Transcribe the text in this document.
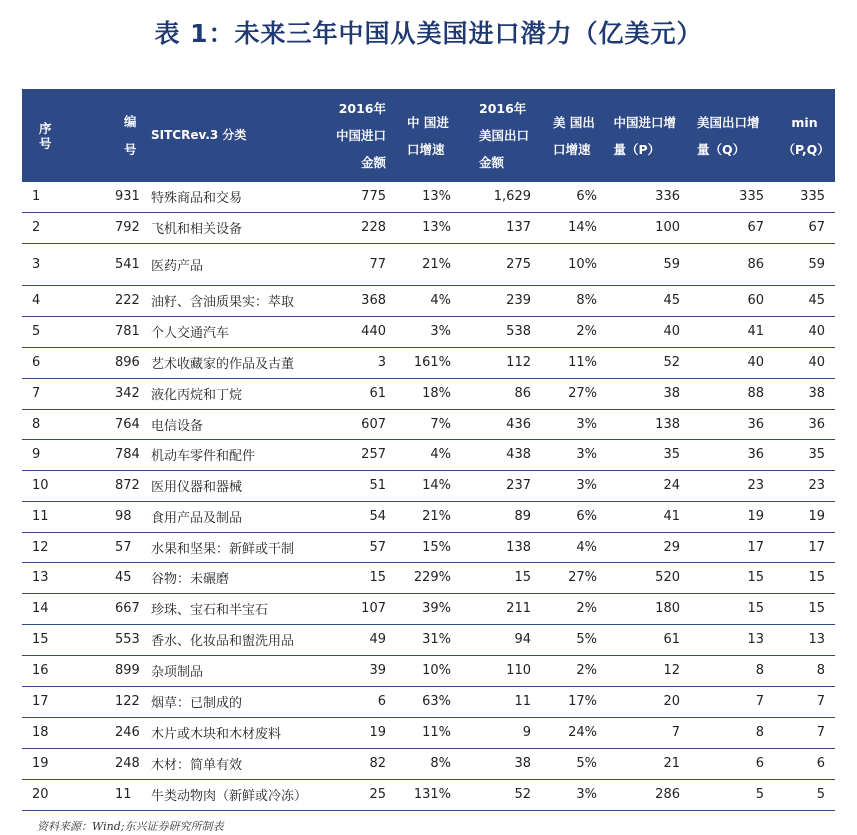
表 1：未来三年中国从美国进口潜力（亿美元）
序号	编号	SITCRev.3 分类	2016年中国进口金额	中 国进 口增速	2016年美国出口金额	美 国出 口增速	中国进口增量（P）	美国出口增量（Q）	min（P,Q）
1	931	特殊商品和交易	775	13%	1,629	6%	336	335	335
2	792	飞机和相关设备	228	13%	137	14%	100	67	67
3	541	医药产品	77	21%	275	10%	59	86	59
4	222	油籽、含油质果实：萃取	368	4%	239	8%	45	60	45
5	781	个人交通汽车	440	3%	538	2%	40	41	40
6	896	艺术收藏家的作品及古董	3	161%	112	11%	52	40	40
7	342	液化丙烷和丁烷	61	18%	86	27%	38	88	38
8	764	电信设备	607	7%	436	3%	138	36	36
9	784	机动车零件和配件	257	4%	438	3%	35	36	35
10	872	医用仪器和器械	51	14%	237	3%	24	23	23
11	98	食用产品及制品	54	21%	89	6%	41	19	19
12	57	水果和坚果：新鲜或干制	57	15%	138	4%	29	17	17
13	45	谷物：未碾磨	15	229%	15	27%	520	15	15
14	667	珍珠、宝石和半宝石	107	39%	211	2%	180	15	15
15	553	香水、化妆品和盥洗用品	49	31%	94	5%	61	13	13
16	899	杂项制品	39	10%	110	2%	12	8	8
17	122	烟草：已制成的	6	63%	11	17%	20	7	7
18	246	木片或木块和木材废料	19	11%	9	24%	7	8	7
19	248	木材：简单有效	82	8%	38	5%	21	6	6
20	11	牛类动物肉（新鲜或冷冻）	25	131%	52	3%	286	5	5
资料来源：Wind;东兴证券研究所制表
